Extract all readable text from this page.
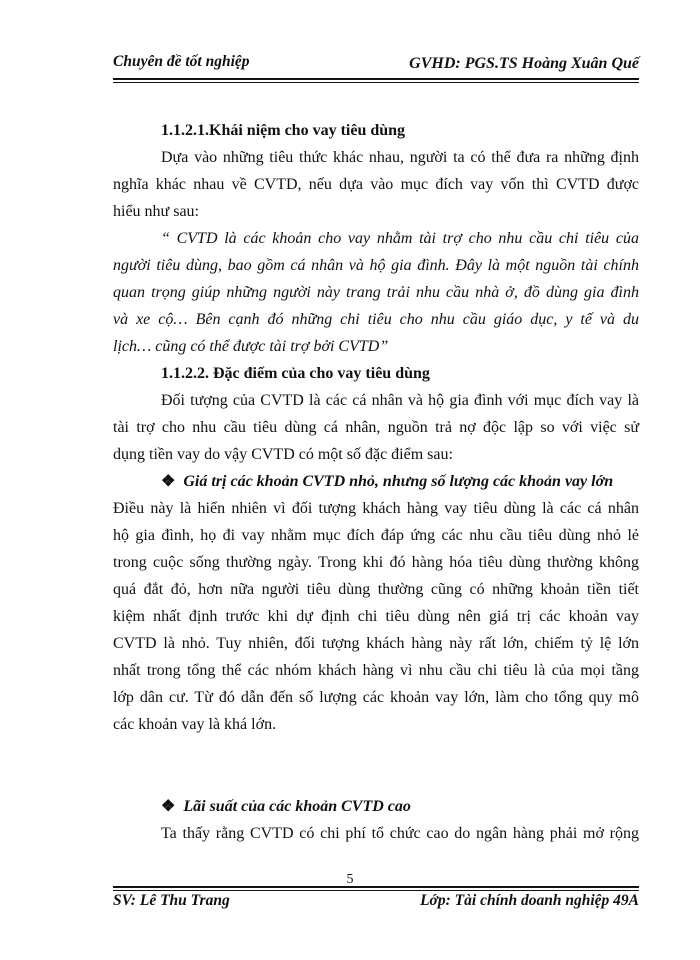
Chuyên đề tốt nghiệp	GVHD: PGS.TS Hoàng Xuân Quế
1.1.2.1.Khái niệm cho vay tiêu dùng
Dựa vào những tiêu thức khác nhau, người ta có thể đưa ra những định
nghĩa khác nhau về CVTD, nếu dựa vào mục đích vay vốn thì CVTD được
hiểu như sau:
“ CVTD là các khoản cho vay nhằm tài trợ cho nhu cầu chi tiêu của
người tiêu dùng, bao gồm cá nhân và hộ gia đình. Đây là một nguồn tài chính
quan trọng giúp những người này trang trải nhu cầu nhà ở, đồ dùng gia đình
và xe cộ… Bên cạnh đó những chi tiêu cho nhu cầu giáo dục, y tế và du
lịch… cũng có thể được tài trợ bởi CVTD”
1.1.2.2. Đặc điểm của cho vay tiêu dùng
Đối tượng của CVTD là các cá nhân và hộ gia đình với mục đích vay là
tài trợ cho nhu cầu tiêu dùng cá nhân, nguồn trả nợ độc lập so với việc sử
dụng tiền vay do vậy CVTD có một số đặc điểm sau:
❖ Giá trị các khoản CVTD nhỏ, nhưng số lượng các khoản vay lớn
Điều này là hiển nhiên vì đối tượng khách hàng vay tiêu dùng là các cá nhân
hộ gia đình, họ đi vay nhằm mục đích đáp ứng các nhu cầu tiêu dùng nhỏ lẻ
trong cuộc sống thường ngày. Trong khi đó hàng hóa tiêu dùng thường không
quá đắt đỏ, hơn nữa người tiêu dùng thường cũng có những khoản tiền tiết
kiệm nhất định trước khi dự định chi tiêu dùng nên giá trị các khoản vay
CVTD là nhỏ. Tuy nhiên, đối tượng khách hàng này rất lớn, chiếm tỷ lệ lớn
nhất trong tổng thể các nhóm khách hàng vì nhu cầu chi tiêu là của mọi tầng
lớp dân cư. Từ đó dẫn đến số lượng các khoản vay lớn, làm cho tổng quy mô
các khoản vay là khá lớn.
❖ Lãi suất của các khoản CVTD cao
Ta thấy rằng CVTD có chi phí tổ chức cao do ngân hàng phải mở rộng
5
SV: Lê Thu Trang	Lớp: Tài chính doanh nghiệp 49A
